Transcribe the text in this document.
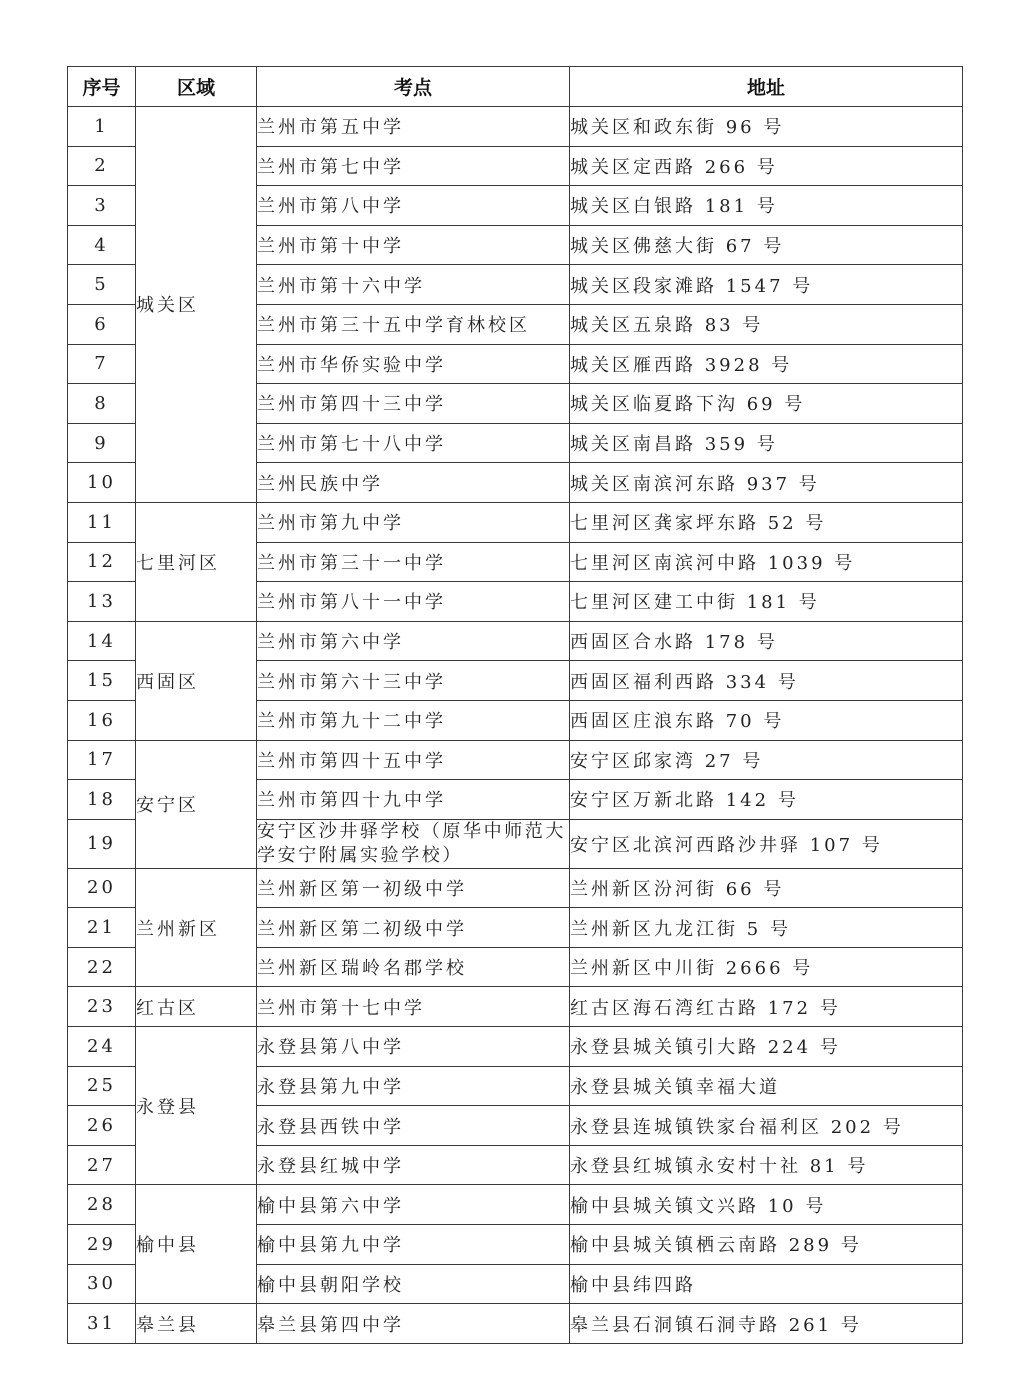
序号	区域	考点	地址
1	城关区	兰州市第五中学	城关区和政东街 96 号
2		兰州市第七中学	城关区定西路 266 号
3		兰州市第八中学	城关区白银路 181 号
4		兰州市第十中学	城关区佛慈大街 67 号
5		兰州市第十六中学	城关区段家滩路 1547 号
6		兰州市第三十五中学育林校区	城关区五泉路 83 号
7		兰州市华侨实验中学	城关区雁西路 3928 号
8		兰州市第四十三中学	城关区临夏路下沟 69 号
9		兰州市第七十八中学	城关区南昌路 359 号
10		兰州民族中学	城关区南滨河东路 937 号
11	七里河区	兰州市第九中学	七里河区龚家坪东路 52 号
12		兰州市第三十一中学	七里河区南滨河中路 1039 号
13		兰州市第八十一中学	七里河区建工中街 181 号
14	西固区	兰州市第六中学	西固区合水路 178 号
15		兰州市第六十三中学	西固区福利西路 334 号
16		兰州市第九十二中学	西固区庄浪东路 70 号
17	安宁区	兰州市第四十五中学	安宁区邱家湾 27 号
18		兰州市第四十九中学	安宁区万新北路 142 号
19		安宁区沙井驿学校（原华中师范大学安宁附属实验学校）	安宁区北滨河西路沙井驿 107 号
20	兰州新区	兰州新区第一初级中学	兰州新区汾河街 66 号
21		兰州新区第二初级中学	兰州新区九龙江街 5 号
22		兰州新区瑞岭名郡学校	兰州新区中川街 2666 号
23	红古区	兰州市第十七中学	红古区海石湾红古路 172 号
24	永登县	永登县第八中学	永登县城关镇引大路 224 号
25		永登县第九中学	永登县城关镇幸福大道
26		永登县西铁中学	永登县连城镇铁家台福利区 202 号
27		永登县红城中学	永登县红城镇永安村十社 81 号
28	榆中县	榆中县第六中学	榆中县城关镇文兴路 10 号
29		榆中县第九中学	榆中县城关镇栖云南路 289 号
30		榆中县朝阳学校	榆中县纬四路
31	皋兰县	皋兰县第四中学	皋兰县石洞镇石洞寺路 261 号
